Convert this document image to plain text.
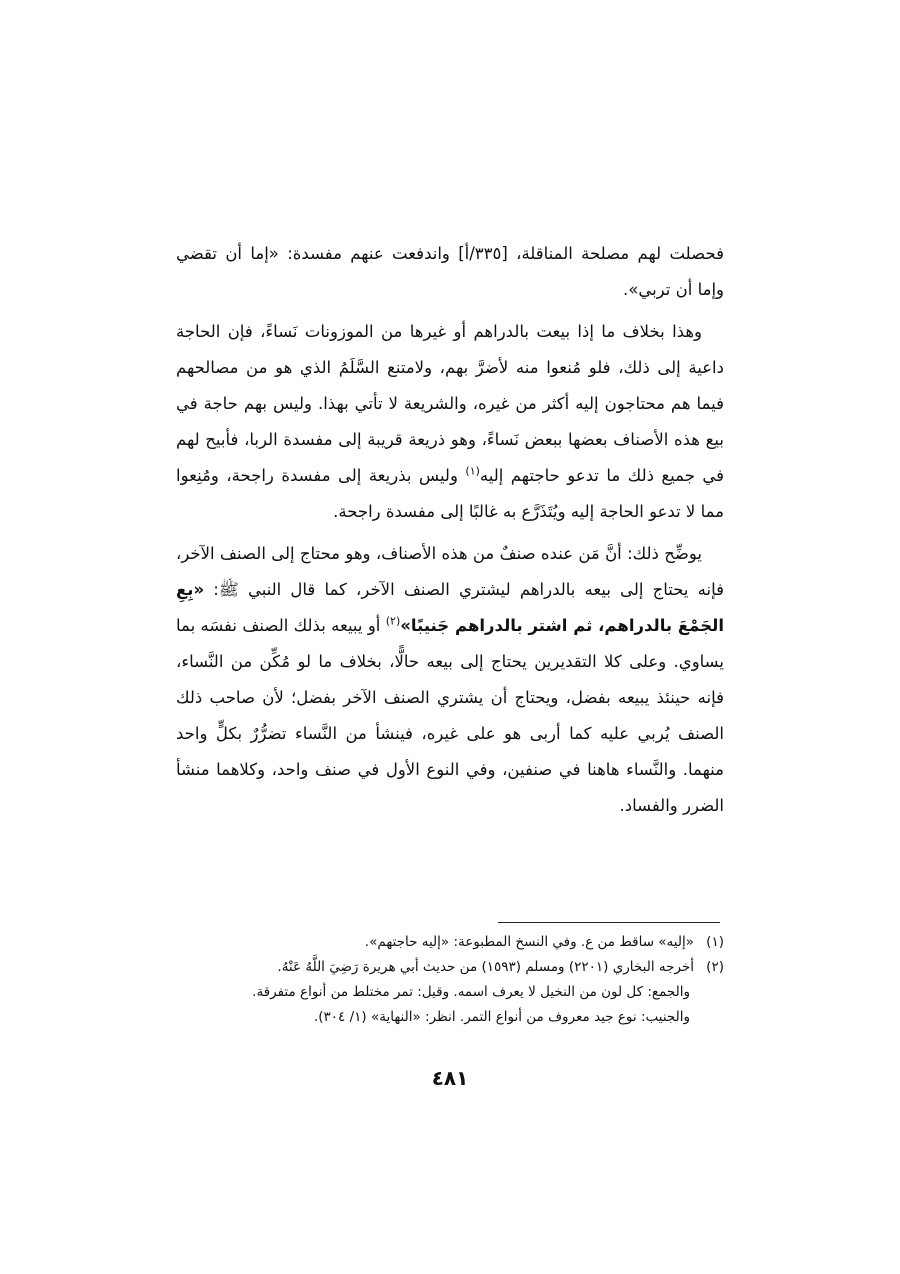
فحصلت لهم مصلحة المناقلة، [٣٣٥/أ] واندفعت عنهم مفسدة: «إما أن تقضي وإما أن تربي».

وهذا بخلاف ما إذا بيعت بالدراهم أو غيرها من الموزونات نَساءً، فإن الحاجة داعية إلى ذلك، فلو مُنعوا منه لأضرَّ بهم، ولامتنع السَّلَمُ الذي هو من مصالحهم فيما هم محتاجون إليه أكثر من غيره، والشريعة لا تأتي بهذا. وليس بهم حاجة في بيع هذه الأصناف بعضها ببعض نَساءً، وهو ذريعة قريبة إلى مفسدة الربا، فأبيح لهم في جميع ذلك ما تدعو حاجتهم إليه$^{(١)}$ وليس بذريعة إلى مفسدة راجحة، ومُنِعوا مما لا تدعو الحاجة إليه ويُتَذَرَّع به غالبًا إلى مفسدة راجحة.

يوضِّح ذلك: أنَّ مَن عنده صنفٌ من هذه الأصناف، وهو محتاج إلى الصنف الآخر، فإنه يحتاج إلى بيعه بالدراهم ليشتري الصنف الآخر، كما قال النبي ﷺ: «بِعِ الجَمْعَ بالدراهم، ثم اشتر بالدراهم جَنيبًا»$^{(٢)}$ أو يبيعه بذلك الصنف نفسَه بما يساوي. وعلى كلا التقديرين يحتاج إلى بيعه حالًّا، بخلاف ما لو مُكِّن من النَّساء، فإنه حينئذ يبيعه بفضل، ويحتاج أن يشتري الصنف الآخر بفضل؛ لأن صاحب ذلك الصنف يُربي عليه كما أربى هو على غيره، فينشأ من النَّساء تضرُّرٌ بكلٍّ واحد منهما. والنَّساء هاهنا في صنفين، وفي النوع الأول في صنف واحد، وكلاهما منشأ الضرر والفساد.

(١)«إليه» ساقط من ع. وفي النسخ المطبوعة: «إليه حاجتهم».

(٢)أخرجه البخاري (٢٢٠١) ومسلم (١٥٩٣) من حديث أبي هريرة رَضِيَ اللَّهُ عَنْهُ.

والجمع: كل لون من النخيل لا يعرف اسمه. وقيل: تمر مختلط من أنواع متفرقة.

والجنيب: نوع جيد معروف من أنواع التمر. انظر: «النهاية» (١/ ٣٠٤).

٤٨١
